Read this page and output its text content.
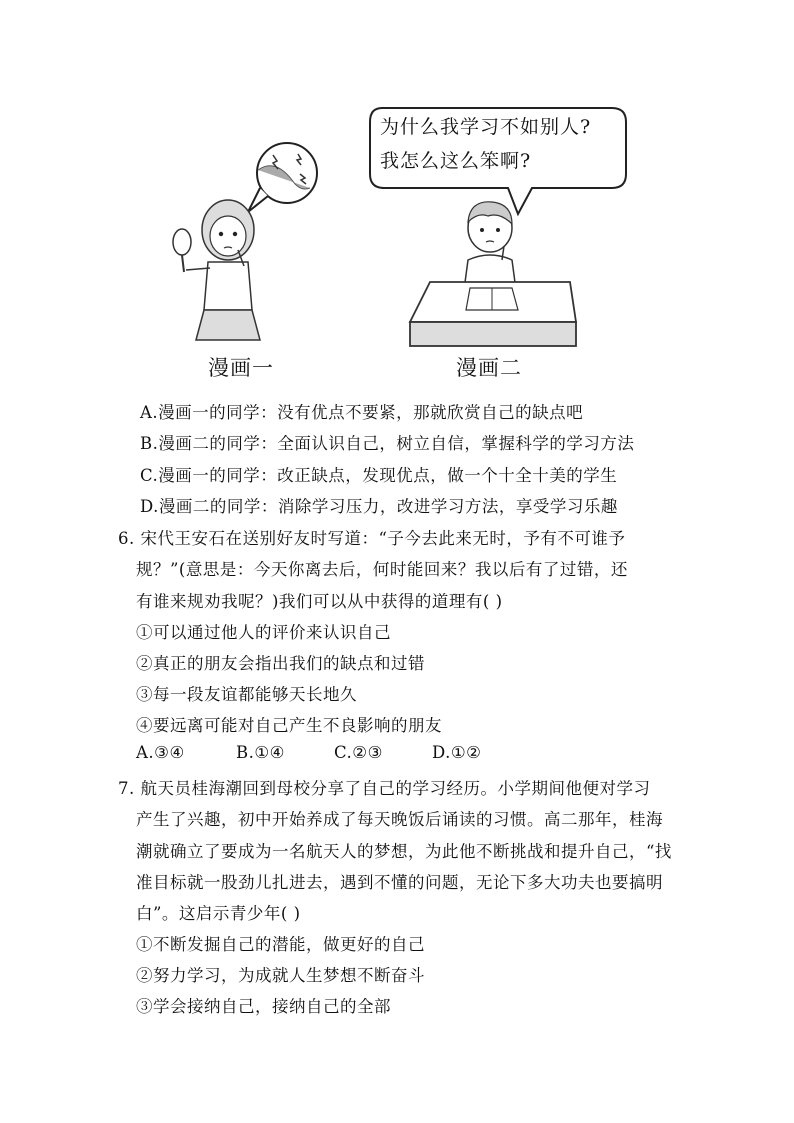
为什么我学习不如别人?
我怎么这么笨啊?
漫画一	漫画二
A.漫画一的同学：没有优点不要紧，那就欣赏自己的缺点吧
B.漫画二的同学：全面认识自己，树立自信，掌握科学的学习方法
C.漫画一的同学：改正缺点，发现优点，做一个十全十美的学生
D.漫画二的同学：消除学习压力，改进学习方法，享受学习乐趣
6. 宋代王安石在送别好友时写道：“子今去此来无时，予有不可谁予
规？”(意思是：今天你离去后，何时能回来？我以后有了过错，还
有谁来规劝我呢？)我们可以从中获得的道理有( )
①可以通过他人的评价来认识自己
②真正的朋友会指出我们的缺点和过错
③每一段友谊都能够天长地久
④要远离可能对自己产生不良影响的朋友
A.③④	B.①④	C.②③	D.①②
7. 航天员桂海潮回到母校分享了自己的学习经历。小学期间他便对学习
产生了兴趣，初中开始养成了每天晚饭后诵读的习惯。高二那年，桂海
潮就确立了要成为一名航天人的梦想，为此他不断挑战和提升自己，“找
准目标就一股劲儿扎进去，遇到不懂的问题，无论下多大功夫也要搞明
白”。这启示青少年( )
①不断发掘自己的潜能，做更好的自己
②努力学习，为成就人生梦想不断奋斗
③学会接纳自己，接纳自己的全部
